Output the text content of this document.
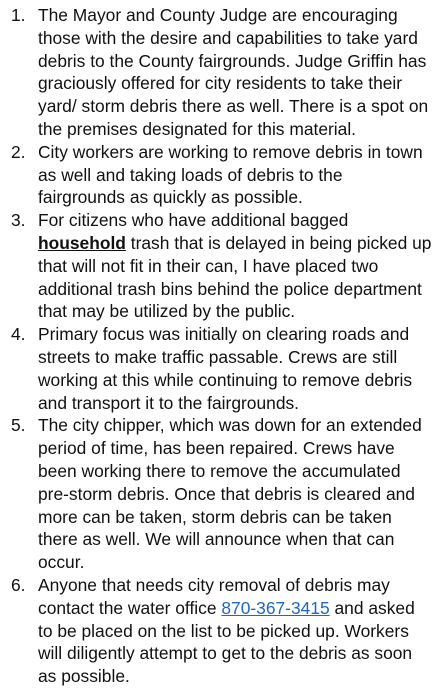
1. The Mayor and County Judge are encouraging
those with the desire and capabilities to take yard
debris to the County fairgrounds. Judge Griffin has
graciously offered for city residents to take their
yard/ storm debris there as well. There is a spot on
the premises designated for this material.
2. City workers are working to remove debris in town
as well and taking loads of debris to the
fairgrounds as quickly as possible.
3. For citizens who have additional bagged
household trash that is delayed in being picked up
that will not fit in their can, I have placed two
additional trash bins behind the police department
that may be utilized by the public.
4. Primary focus was initially on clearing roads and
streets to make traffic passable. Crews are still
working at this while continuing to remove debris
and transport it to the fairgrounds.
5. The city chipper, which was down for an extended
period of time, has been repaired. Crews have
been working there to remove the accumulated
pre-storm debris. Once that debris is cleared and
more can be taken, storm debris can be taken
there as well. We will announce when that can
occur.
6. Anyone that needs city removal of debris may
contact the water office 870-367-3415 and asked
to be placed on the list to be picked up. Workers
will diligently attempt to get to the debris as soon
as possible.
